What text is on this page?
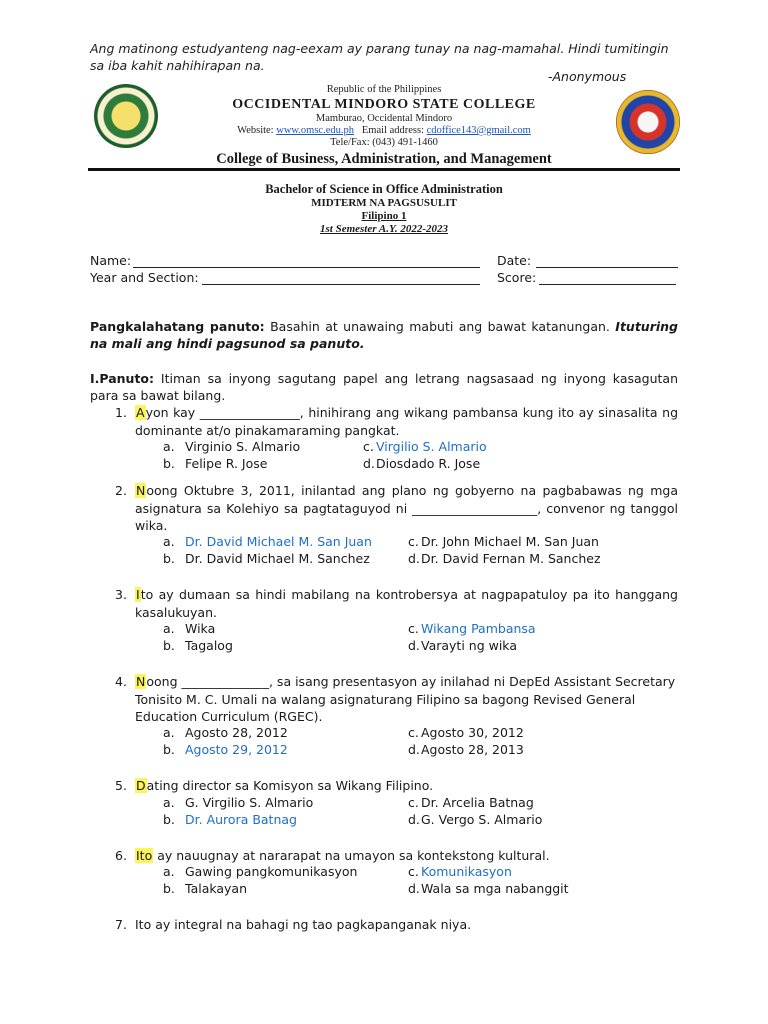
Ang matinong estudyanteng nag-eexam ay parang tunay na nag-mamahal. Hindi tumitingin sa iba kahit nahihirapan na.
-Anonymous
Republic of the Philippines
OCCIDENTAL MINDORO STATE COLLEGE
Mamburao, Occidental Mindoro
Website: www.omsc.edu.ph Email address: cdoffice143@gmail.com
Tele/Fax: (043) 491-1460
College of Business, Administration, and Management
Bachelor of Science in Office Administration
MIDTERM NA PAGSUSULIT
Filipino 1
1st Semester A.Y. 2022-2023
Name:	Date:
Year and Section:	Score:
Pangkalahatang panuto: Basahin at unawaing mabuti ang bawat katanungan. Ituturing na mali ang hindi pagsunod sa panuto.
I.Panuto: Itiman sa inyong sagutang papel ang letrang nagsasaad ng inyong kasagutan para sa bawat bilang.
1. Ayon kay ________________, hinihirang ang wikang pambansa kung ito ay sinasalita ng dominante at/o pinakamaraming pangkat.
a. Virginio S. Almario
b. Felipe R. Jose
c. Virgilio S. Almario
d.Diosdado R. Jose
2. Noong Oktubre 3, 2011, inilantad ang plano ng gobyerno na pagbabawas ng mga asignatura sa Kolehiyo sa pagtataguyod ni ____________________, convenor ng tanggol wika.
a. Dr. David Michael M. San Juan
b. Dr. David Michael M. Sanchez
c. Dr. John Michael M. San Juan
d.Dr. David Fernan M. Sanchez
3. Ito ay dumaan sa hindi mabilang na kontrobersya at nagpapatuloy pa ito hanggang kasalukuyan.
a. Wika
b. Tagalog
c. Wikang Pambansa
d.Varayti ng wika
4. Noong ______________, sa isang presentasyon ay inilahad ni DepEd Assistant Secretary Tonisito M. C. Umali na walang asignaturang Filipino sa bagong Revised General Education Curriculum (RGEC).
a. Agosto 28, 2012
b. Agosto 29, 2012
c. Agosto 30, 2012
d.Agosto 28, 2013
5. Dating director sa Komisyon sa Wikang Filipino.
a. G. Virgilio S. Almario
b. Dr. Aurora Batnag
c. Dr. Arcelia Batnag
d.G. Vergo S. Almario
6. Ito ay nauugnay at nararapat na umayon sa kontekstong kultural.
a. Gawing pangkomunikasyon
b. Talakayan
c. Komunikasyon
d.Wala sa mga nabanggit
7. Ito ay integral na bahagi ng tao pagkapanganak niya.
